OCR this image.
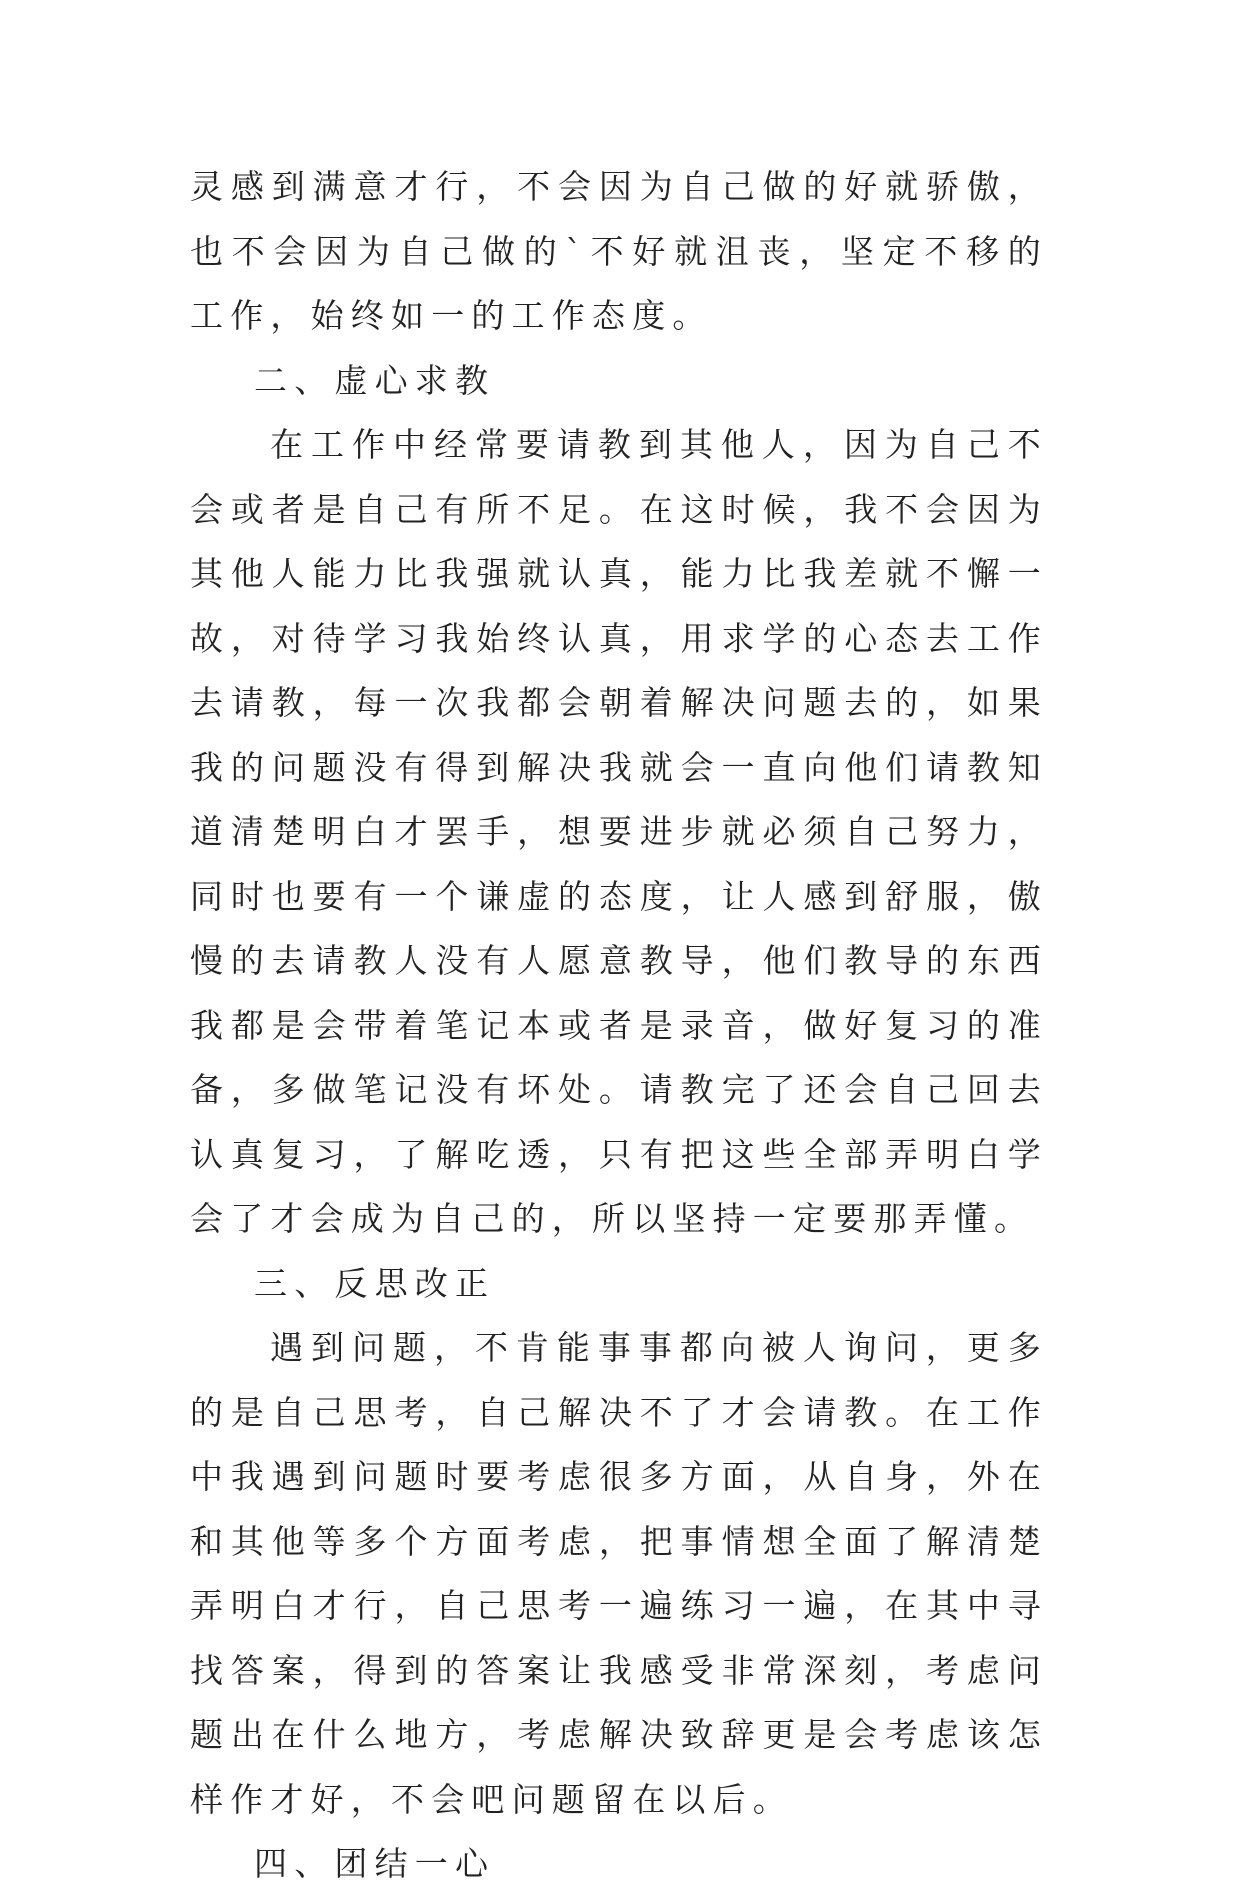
灵感到满意才行，不会因为自己做的好就骄傲，也不会因为自己做的`不好就沮丧，坚定不移的工作，始终如一的工作态度。

二、虚心求教

在工作中经常要请教到其他人，因为自己不会或者是自己有所不足。在这时候，我不会因为其他人能力比我强就认真，能力比我差就不懈一故，对待学习我始终认真，用求学的心态去工作去请教，每一次我都会朝着解决问题去的，如果我的问题没有得到解决我就会一直向他们请教知道清楚明白才罢手，想要进步就必须自己努力，同时也要有一个谦虚的态度，让人感到舒服，傲慢的去请教人没有人愿意教导，他们教导的东西我都是会带着笔记本或者是录音，做好复习的准备，多做笔记没有坏处。请教完了还会自己回去认真复习，了解吃透，只有把这些全部弄明白学会了才会成为自己的，所以坚持一定要那弄懂。

三、反思改正

遇到问题，不肯能事事都向被人询问，更多的是自己思考，自己解决不了才会请教。在工作中我遇到问题时要考虑很多方面，从自身，外在和其他等多个方面考虑，把事情想全面了解清楚弄明白才行，自己思考一遍练习一遍，在其中寻找答案，得到的答案让我感受非常深刻，考虑问题出在什么地方，考虑解决致辞更是会考虑该怎样作才好，不会吧问题留在以后。

四、团结一心
